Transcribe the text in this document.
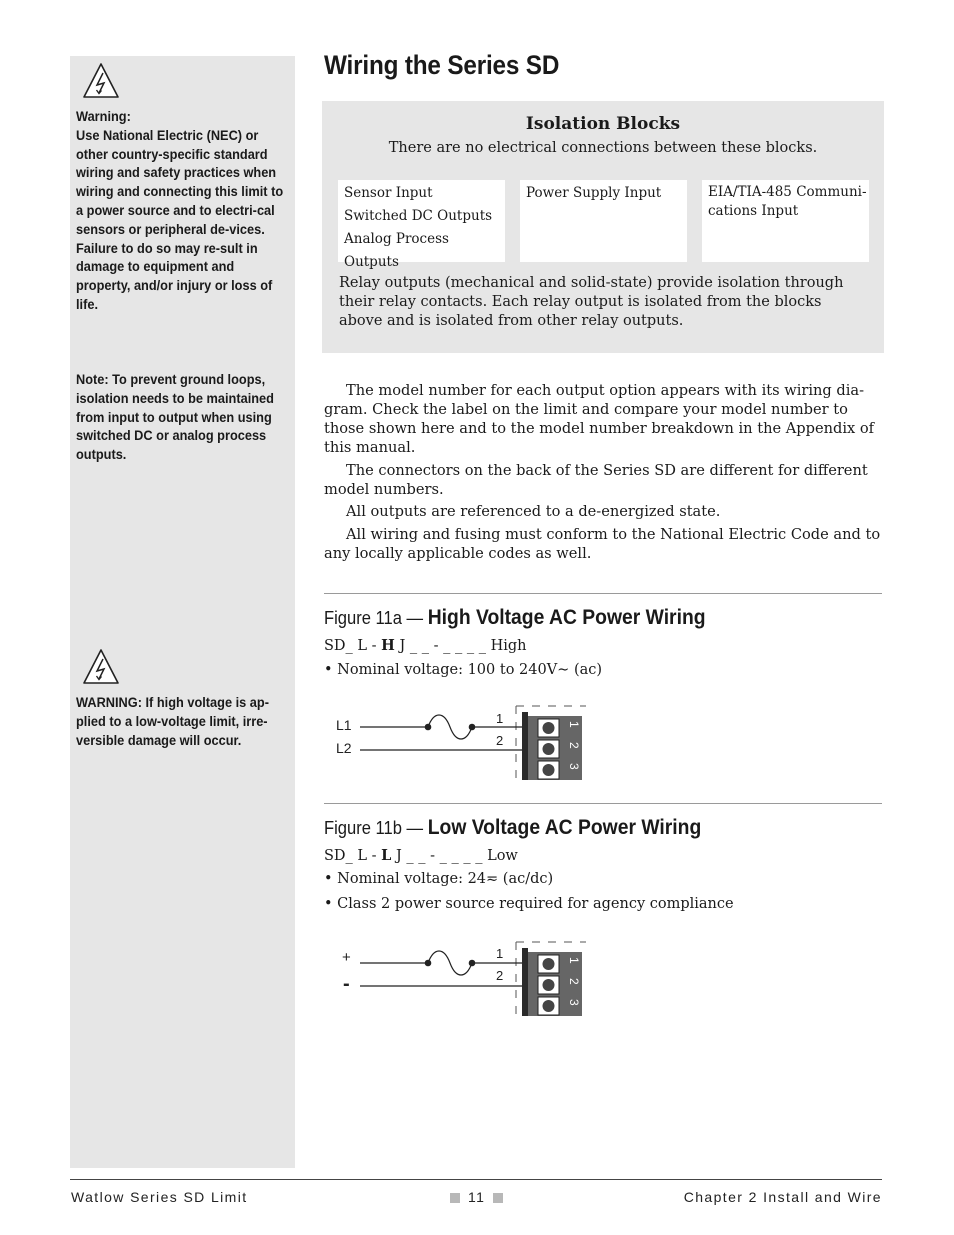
Warning:
Use National Electric (NEC) or other country-specific standard wiring and safety practices when wiring and connecting this limit to a power source and to electri-cal sensors or peripheral de-vices. Failure to do so may re-sult in damage to equipment and property, and/or injury or loss of life.
Note: To prevent ground loops, isolation needs to be maintained from input to output when using switched DC or analog process outputs.
WARNING: If high voltage is ap-plied to a low-voltage limit, irre-versible damage will occur.
Wiring the Series SD
Isolation Blocks
There are no electrical connections between these blocks.
Sensor Input
Switched DC Outputs
Analog Process Outputs
Power Supply Input	EIA/TIA-485 Communi-
cations Input
Relay outputs (mechanical and solid-state) provide isolation through their relay contacts. Each relay output is isolated from the blocks above and is isolated from other relay outputs.

The model number for each output option appears with its wiring dia-gram. Check the label on the limit and compare your model number to those shown here and to the model number breakdown in the Appendix of this manual.

The connectors on the back of the Series SD are different for different model numbers.

All outputs are referenced to a de-energized state.

All wiring and fusing must conform to the National Electric Code and to any locally applicable codes as well.

Figure 11a — High Voltage AC Power Wiring
SD_ L - H J _ _ - _ _ _ _ High
• Nominal voltage: 100 to 240V∼ (ac)
L1
L2
1
2
1
2
3
Figure 11b — Low Voltage AC Power Wiring
SD_ L - L J _ _ - _ _ _ _ Low
• Nominal voltage: 24≂ (ac/dc)
• Class 2 power source required for agency compliance
+
-
1
2
1
2
3
Watlow Series SD Limit	11	Chapter 2 Install and Wire
